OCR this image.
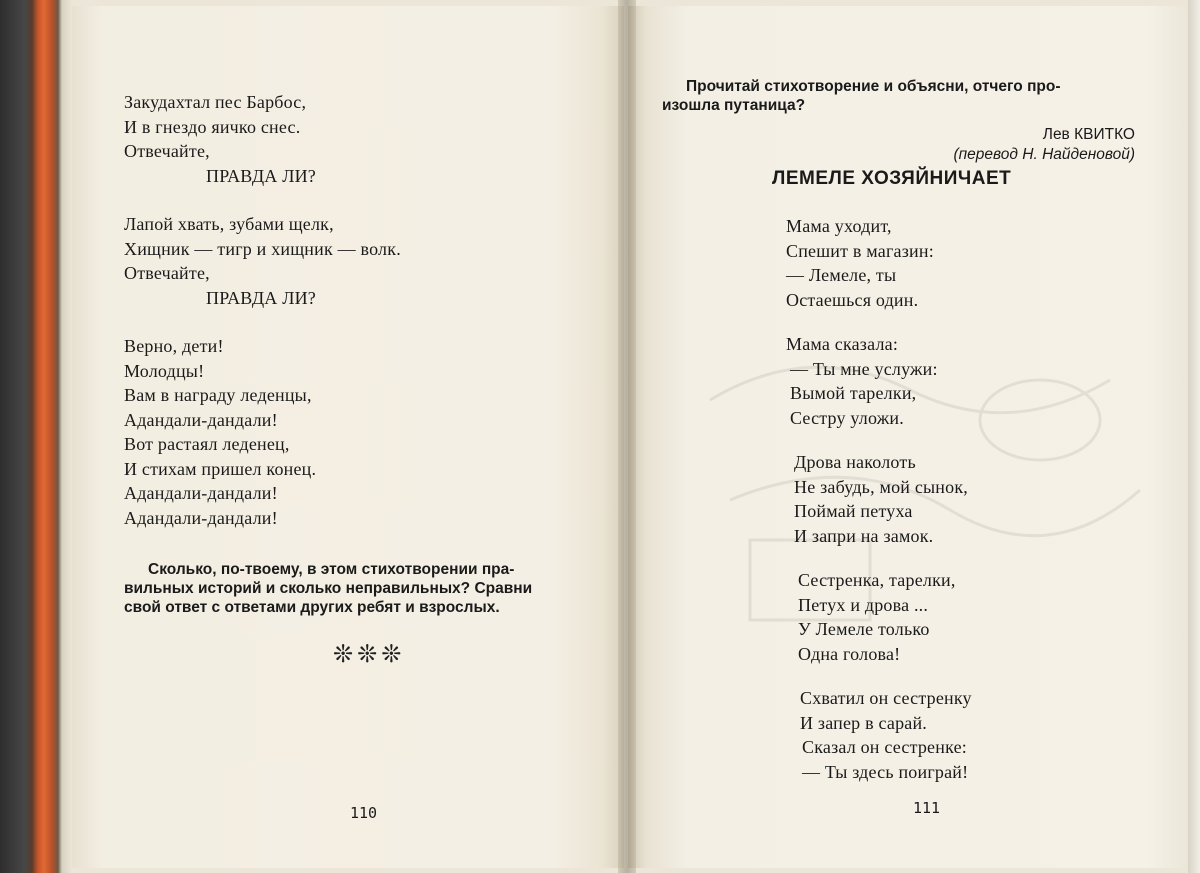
Закудахтал пес Барбос,
И в гнездо яичко снес.
Отвечайте,
ПРАВДА ЛИ?
Лапой хвать, зубами щелк,
Хищник — тигр и хищник — волк.
Отвечайте,
ПРАВДА ЛИ?
Верно, дети!
Молодцы!
Вам в награду леденцы,
Адандали-дандали!
Вот растаял леденец,
И стихам пришел конец.
Адандали-дандали!
Адандали-дандали!
Сколько, по-твоему, в этом стихотворении пра-
вильных историй и сколько неправильных? Сравни
свой ответ с ответами других ребят и взрослых.
❊❊❊
110
Прочитай стихотворение и объясни, отчего про-
изошла путаница?
Лев КВИТКО
(перевод Н. Найденовой)
ЛЕМЕЛЕ ХОЗЯЙНИЧАЕТ
Мама уходит,
Спешит в магазин:
— Лемеле, ты
Остаешься один.
Мама сказала:
— Ты мне услужи:
Вымой тарелки,
Сестру уложи.
Дрова наколоть
Не забудь, мой сынок,
Поймай петуха
И запри на замок.
Сестренка, тарелки,
Петух и дрова ...
У Лемеле только
Одна голова!
Схватил он сестренку
И запер в сарай.
Сказал он сестренке:
— Ты здесь поиграй!
111
